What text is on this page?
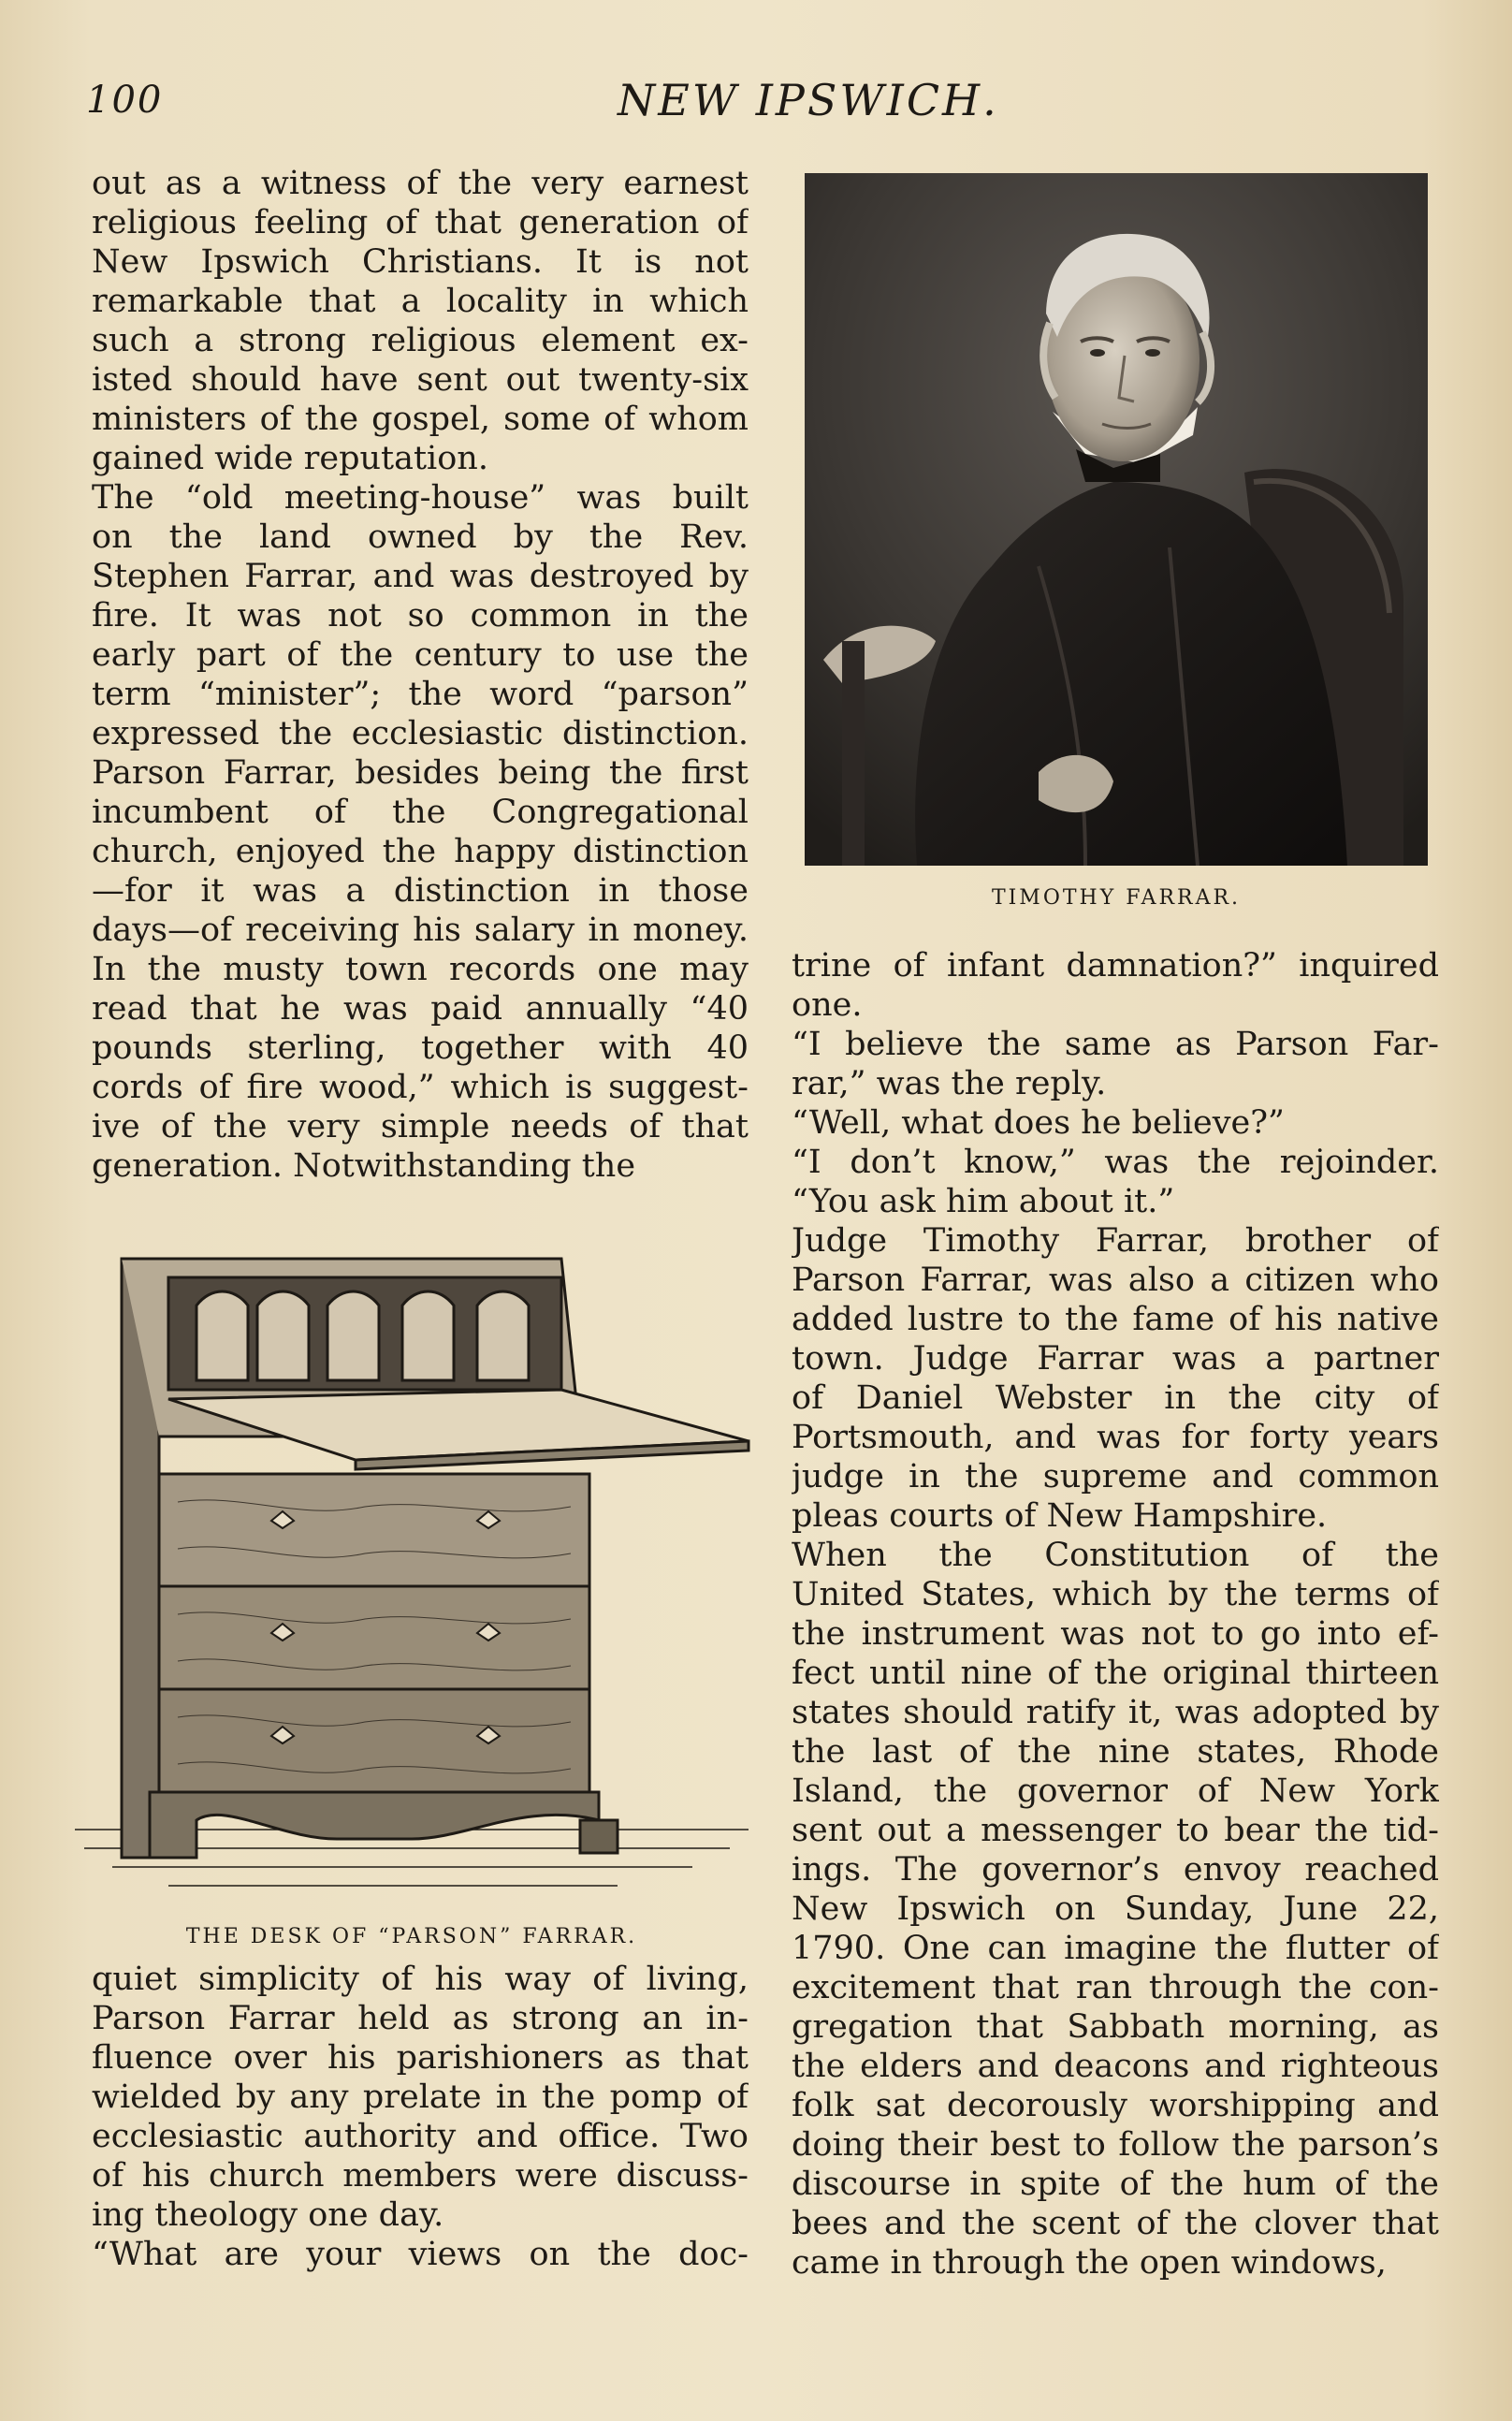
100	NEW IPSWICH.
out as a witness of the very earnest
religious feeling of that generation of
New Ipswich Christians. It is not
remarkable that a locality in which
such a strong religious element ex-
isted should have sent out twenty-six
ministers of the gospel, some of whom
gained wide reputation.
The “old meeting-house” was built
on the land owned by the Rev.
Stephen Farrar, and was destroyed by
fire. It was not so common in the
early part of the century to use the
term “minister”; the word “parson”
expressed the ecclesiastic distinction.
Parson Farrar, besides being the first
incumbent of the Congregational
church, enjoyed the happy distinction
—for it was a distinction in those
days—of receiving his salary in money.
In the musty town records one may
read that he was paid annually “40
pounds sterling, together with 40
cords of fire wood,” which is suggest-
ive of the very simple needs of that
generation. Notwithstanding the
trine of infant damnation?” inquired
one.
“I believe the same as Parson Far-
rar,” was the reply.
“Well, what does he believe?”
“I don’t know,” was the rejoinder.
“You ask him about it.”
Judge Timothy Farrar, brother of
Parson Farrar, was also a citizen who
added lustre to the fame of his native
town. Judge Farrar was a partner
of Daniel Webster in the city of
Portsmouth, and was for forty years
judge in the supreme and common
pleas courts of New Hampshire.
When the Constitution of the
United States, which by the terms of
the instrument was not to go into ef-
fect until nine of the original thirteen
states should ratify it, was adopted by
the last of the nine states, Rhode
Island, the governor of New York
sent out a messenger to bear the tid-
ings. The governor’s envoy reached
New Ipswich on Sunday, June 22,
1790. One can imagine the flutter of
excitement that ran through the con-
gregation that Sabbath morning, as
the elders and deacons and righteous
folk sat decorously worshipping and
doing their best to follow the parson’s
discourse in spite of the hum of the
bees and the scent of the clover that
came in through the open windows,
quiet simplicity of his way of living,
Parson Farrar held as strong an in-
fluence over his parishioners as that
wielded by any prelate in the pomp of
ecclesiastic authority and office. Two
of his church members were discuss-
ing theology one day.
“What are your views on the doc-
TIMOTHY FARRAR.
THE DESK OF “PARSON” FARRAR.
